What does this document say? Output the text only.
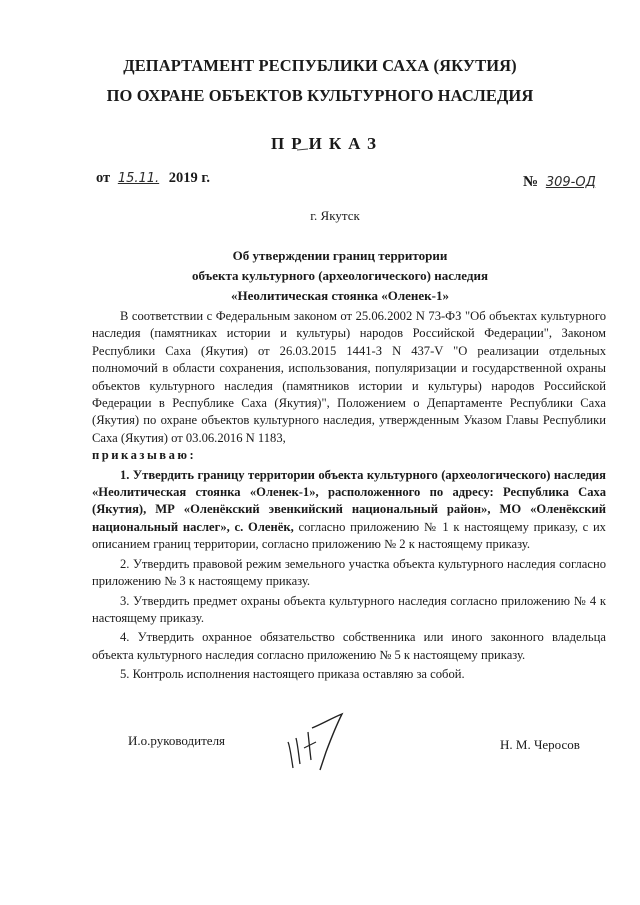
ДЕПАРТАМЕНТ РЕСПУБЛИКИ САХА (ЯКУТИЯ)
ПО ОХРАНЕ ОБЪЕКТОВ КУЛЬТУРНОГО НАСЛЕДИЯ
ПРИКАЗ
от 15.11. 2019 г.	№ 309-ОД
г. Якутск
Об утверждении границ территории
объекта культурного (археологического) наследия
«Неолитическая стоянка «Оленек-1»

В соответствии с Федеральным законом от 25.06.2002 N 73-ФЗ "Об объектах культурного наследия (памятниках истории и культуры) народов Российской Федерации", Законом Республики Саха (Якутия) от 26.03.2015 1441-З N 437-V "О реализации отдельных полномочий в области сохранения, использования, популяризации и государственной охраны объектов культурного наследия (памятников истории и культуры) народов Российской Федерации в Республике Саха (Якутия)", Положением о Департаменте Республики Саха (Якутия) по охране объектов культурного наследия, утвержденным Указом Главы Республики Саха (Якутия) от 03.06.2016 N 1183,

приказываю:

1. Утвердить границу территории объекта культурного (археологического) наследия «Неолитическая стоянка «Оленек-1», расположенного по адресу: Республика Саха (Якутия), МР «Оленёкский эвенкийский национальный район», МО «Оленёкский национальный наслег», с. Оленёк, согласно приложению № 1 к настоящему приказу, с их описанием границ территории, согласно приложению № 2 к настоящему приказу.

2. Утвердить правовой режим земельного участка объекта культурного наследия согласно приложению № 3 к настоящему приказу.

3. Утвердить предмет охраны объекта культурного наследия согласно приложению № 4 к настоящему приказу.

4. Утвердить охранное обязательство собственника или иного законного владельца объекта культурного наследия согласно приложению № 5 к настоящему приказу.

5. Контроль исполнения настоящего приказа оставляю за собой.

И.о.руководителя	Н. М. Черосов
